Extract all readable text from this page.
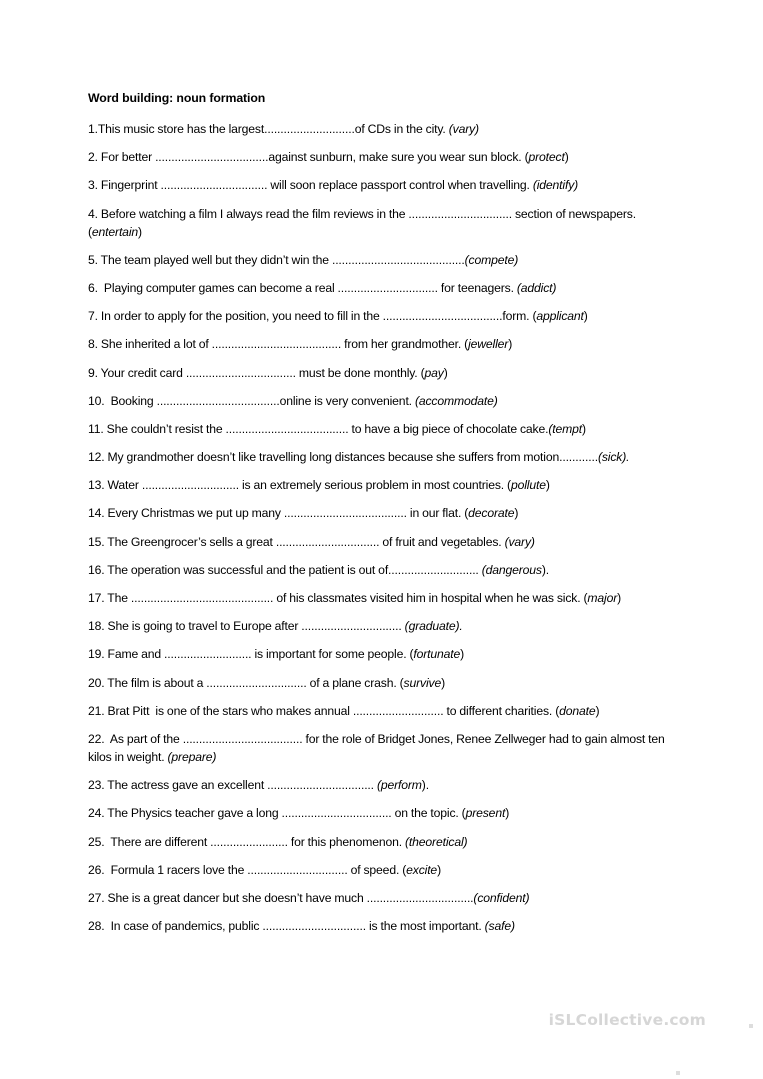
Word building: noun formation
1.This music store has the largest............................of CDs in the city. (vary)
2. For better ...................................against sunburn, make sure you wear sun block. (protect)
3. Fingerprint ................................. will soon replace passport control when travelling. (identify)
4. Before watching a film I always read the film reviews in the ................................ section of newspapers. (entertain)
5. The team played well but they didn’t win the .........................................(compete)
6.  Playing computer games can become a real ............................... for teenagers. (addict)
7. In order to apply for the position, you need to fill in the .....................................form. (applicant)
8. She inherited a lot of ........................................ from her grandmother. (jeweller)
9. Your credit card .................................. must be done monthly. (pay)
10.  Booking ......................................online is very convenient. (accommodate)
11. She couldn’t resist the ...................................... to have a big piece of chocolate cake.(tempt)
12. My grandmother doesn’t like travelling long distances because she suffers from motion............(sick).
13. Water .............................. is an extremely serious problem in most countries. (pollute)
14. Every Christmas we put up many ...................................... in our flat. (decorate)
15. The Greengrocer’s sells a great ................................ of fruit and vegetables. (vary)
16. The operation was successful and the patient is out of............................ (dangerous).
17. The ............................................ of his classmates visited him in hospital when he was sick. (major)
18. She is going to travel to Europe after ............................... (graduate).
19. Fame and ........................... is important for some people. (fortunate)
20. The film is about a ............................... of a plane crash. (survive)
21. Brat Pitt  is one of the stars who makes annual ............................ to different charities. (donate)
22.  As part of the ..................................... for the role of Bridget Jones, Renee Zellweger had to gain almost ten kilos in weight. (prepare)
23. The actress gave an excellent ................................. (perform).
24. The Physics teacher gave a long .................................. on the topic. (present)
25.  There are different ........................ for this phenomenon. (theoretical)
26.  Formula 1 racers love the ............................... of speed. (excite)
27. She is a great dancer but she doesn’t have much .................................(confident)
28.  In case of pandemics, public ................................ is the most important. (safe)
iSLCollective.com
